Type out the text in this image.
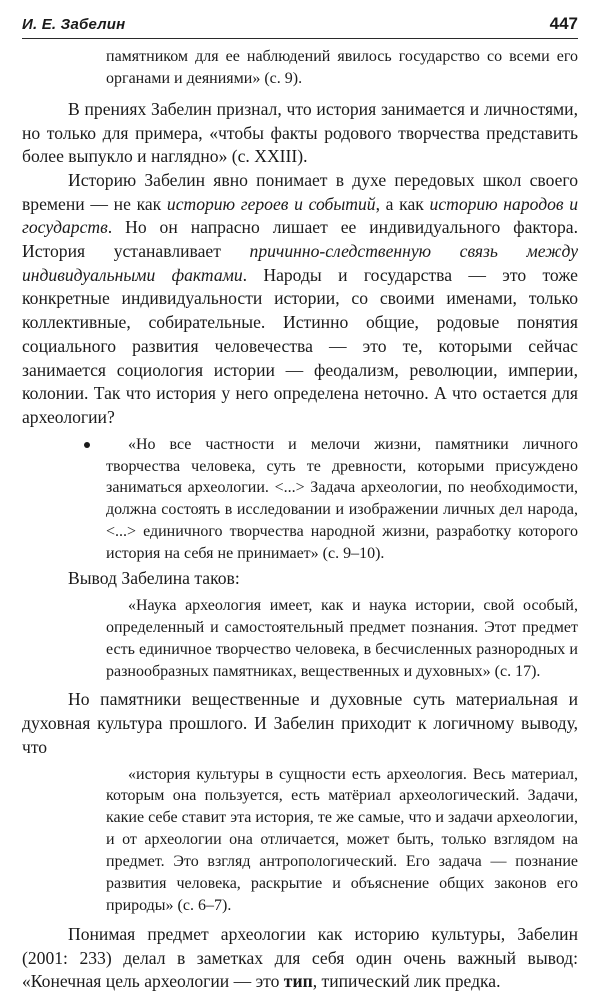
И. Е. Забелин	447

памятником для ее наблюдений явилось государство со всеми его органами и деяниями» (с. 9).

В прениях Забелин признал, что история занимается и личностями, но только для примера, «чтобы факты родового творчества представить более выпукло и наглядно» (с. XXIII).

Историю Забелин явно понимает в духе передовых школ своего времени — не как историю героев и событий, а как историю народов и государств. Но он напрасно лишает ее индивидуального фактора. История устанавливает причинно-следственную связь между индивидуальными фактами. Народы и государства — это тоже конкретные индивидуальности истории, со своими именами, только коллективные, собирательные. Истинно общие, родовые понятия социального развития человечества — это те, которыми сейчас занимается социология истории — феодализм, революции, империи, колонии. Так что история у него определена неточно. А что остается для археологии?

«Но все частности и мелочи жизни, памятники личного творчества человека, суть те древности, которыми присуждено заниматься археологии. <...> Задача археологии, по необходимости, должна состоять в исследовании и изображении личных дел народа, <...> единичного творчества народной жизни, разработку которого история на себя не принимает» (с. 9–10).

Вывод Забелина таков:

«Наука археология имеет, как и наука истории, свой особый, определенный и самостоятельный предмет познания. Этот предмет есть единичное творчество человека, в бесчисленных разнородных и разнообразных памятниках, вещественных и духовных» (с. 17).

Но памятники вещественные и духовные суть материальная и духовная культура прошлого. И Забелин приходит к логичному выводу, что

«история культуры в сущности есть археология. Весь материал, которым она пользуется, есть матёриал археологический. Задачи, какие себе ставит эта история, те же самые, что и задачи археологии, и от археологии она отличается, может быть, только взглядом на предмет. Это взгляд антропологический. Его задача — познание развития человека, раскрытие и объяснение общих законов его природы» (с. 6–7).

Понимая предмет археологии как историю культуры, Забелин (2001: 233) делал в заметках для себя один очень важный вывод: «Конечная цель археологии — это тип, типический лик предка.
